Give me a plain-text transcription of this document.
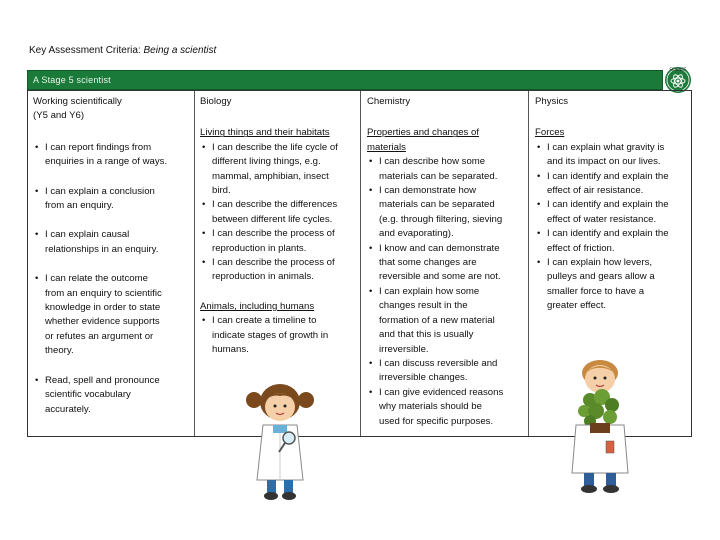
Key Assessment Criteria: Being a scientist
A Stage 5 scientist
SCIENCE
Working scientifically
(Y5 and Y6)
• I can report findings from
enquiries in a range of ways.
• I can explain a conclusion
from an enquiry.
• I can explain causal
relationships in an enquiry.
• I can relate the outcome
from an enquiry to scientific
knowledge in order to state
whether evidence supports
or refutes an argument or
theory.
• Read, spell and pronounce
scientific vocabulary
accurately.
Biology
Living things and their habitats
• I can describe the life cycle of
different living things, e.g.
mammal, amphibian, insect
bird.
• I can describe the differences
between different life cycles.
• I can describe the process of
reproduction in plants.
• I can describe the process of
reproduction in animals.
Animals, including humans
• I can create a timeline to
indicate stages of growth in
humans.
Chemistry
Properties and changes of
materials
• I can describe how some
materials can be separated.
• I can demonstrate how
materials can be separated
(e.g. through filtering, sieving
and evaporating).
• I know and can demonstrate
that some changes are
reversible and some are not.
• I can explain how some
changes result in the
formation of a new material
and that this is usually
irreversible.
• I can discuss reversible and
irreversible changes.
• I can give evidenced reasons
why materials should be
used for specific purposes.
Physics
Forces
• I can explain what gravity is
and its impact on our lives.
• I can identify and explain the
effect of air resistance.
• I can identify and explain the
effect of water resistance.
• I can identify and explain the
effect of friction.
• I can explain how levers,
pulleys and gears allow a
smaller force to have a
greater effect.
